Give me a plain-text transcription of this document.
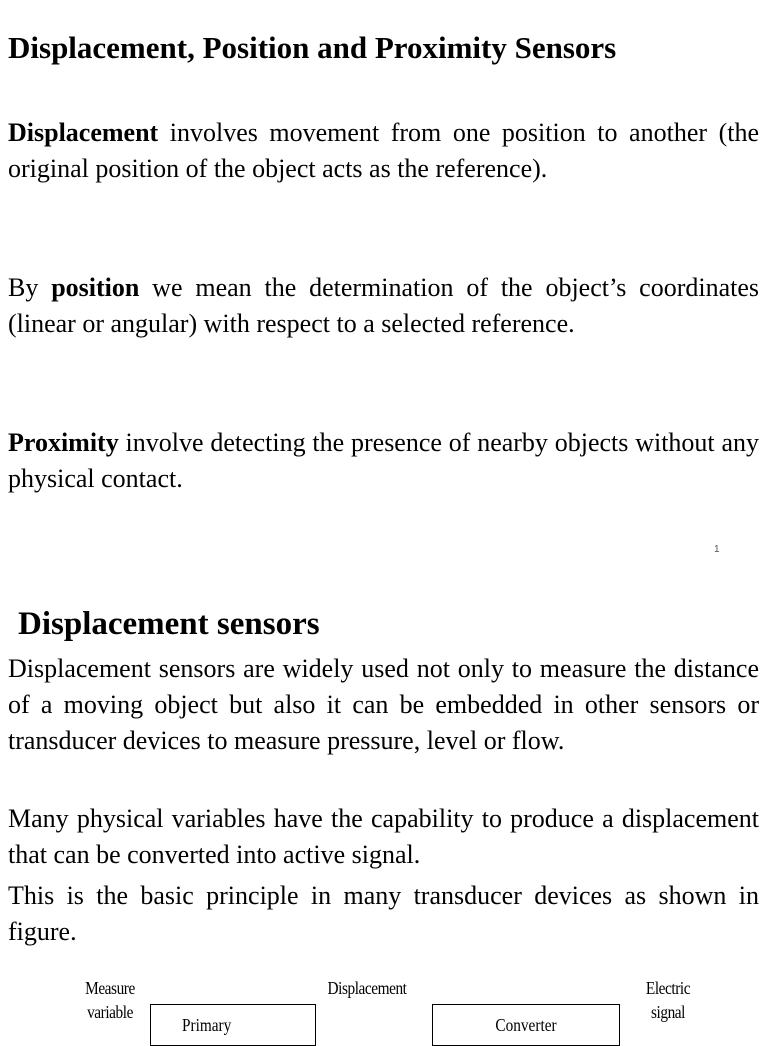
Displacement, Position and Proximity Sensors
Displacement involves movement from one position to another (the original position of the object acts as the reference).
By position we mean the determination of the object’s coordinates (linear or angular) with respect to a selected reference.
Proximity involve detecting the presence of nearby objects without any physical contact.
1
Displacement sensors
Displacement sensors are widely used not only to measure the distance of a moving object but also it can be embedded in other sensors or transducer devices to measure pressure, level or flow.
Many physical variables have the capability to produce a displacement that can be converted into active signal.
This is the basic principle in many transducer devices as shown in figure.
Measure
variable
Displacement	Electric
signal
Primary	Converter
